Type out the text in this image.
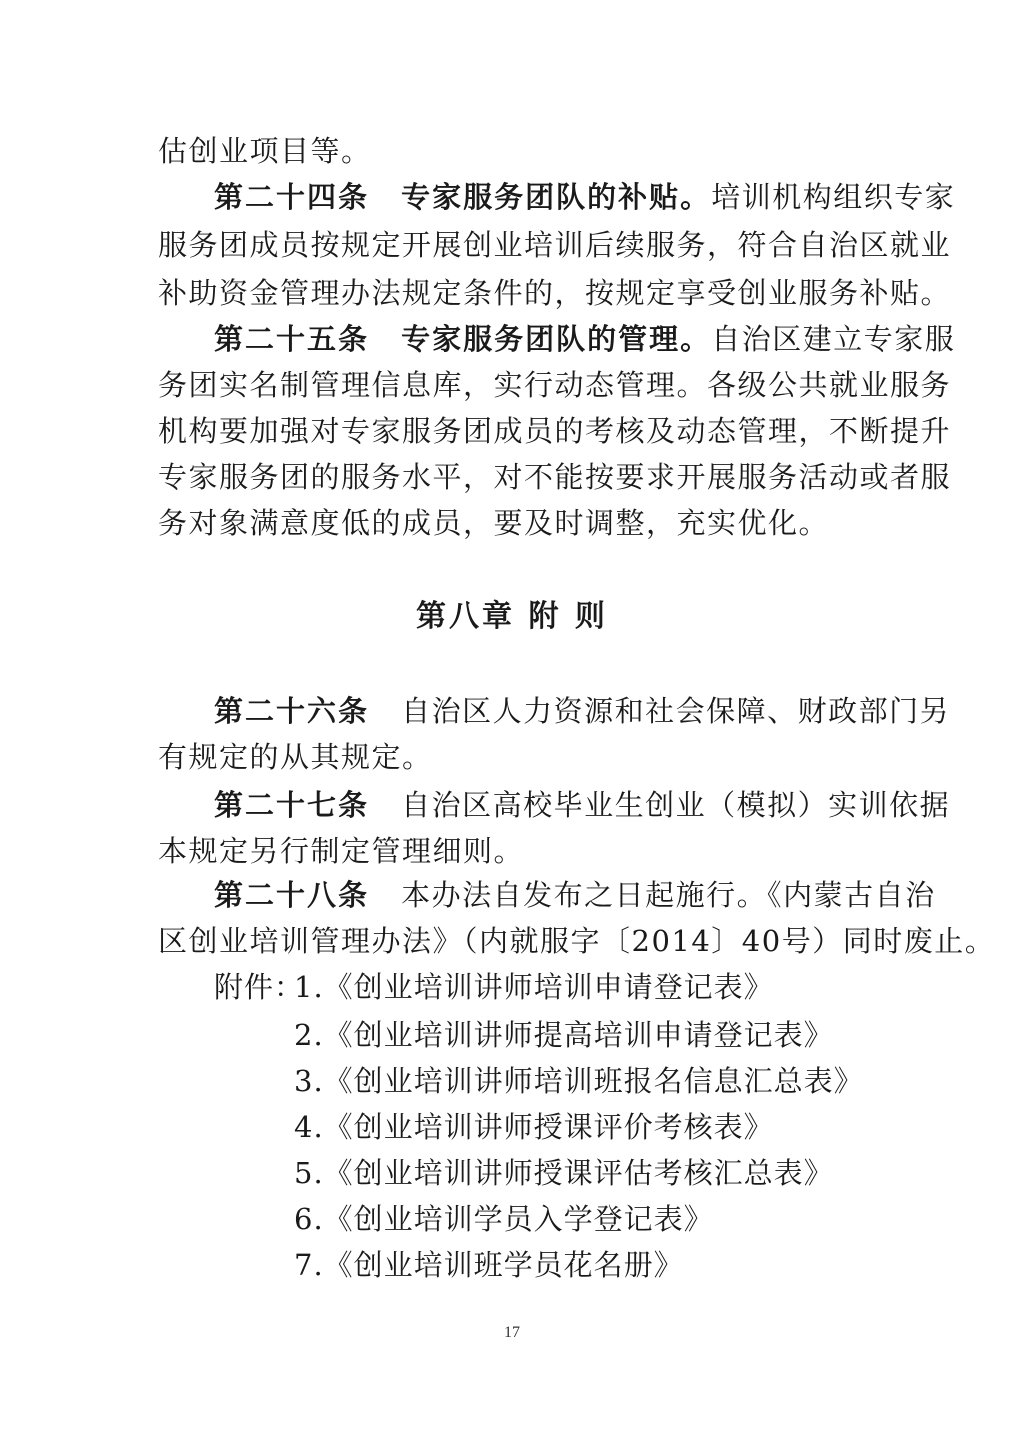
估创业项目等。
第二十四条 专家服务团队的补贴。培训机构组织专家
服务团成员按规定开展创业培训后续服务，符合自治区就业
补助资金管理办法规定条件的，按规定享受创业服务补贴。
第二十五条 专家服务团队的管理。自治区建立专家服
务团实名制管理信息库，实行动态管理。各级公共就业服务
机构要加强对专家服务团成员的考核及动态管理，不断提升
专家服务团的服务水平，对不能按要求开展服务活动或者服
务对象满意度低的成员，要及时调整，充实优化。
第八章 附 则
第二十六条 自治区人力资源和社会保障、财政部门另
有规定的从其规定。
第二十七条 自治区高校毕业生创业（模拟）实训依据
本规定另行制定管理细则。
第二十八条 本办法自发布之日起施行。《内蒙古自治
区创业培训管理办法》（内就服字〔2014〕40号）同时废止。
附件：
1.《创业培训讲师培训申请登记表》
2.《创业培训讲师提高培训申请登记表》
3.《创业培训讲师培训班报名信息汇总表》
4.《创业培训讲师授课评价考核表》
5.《创业培训讲师授课评估考核汇总表》
6.《创业培训学员入学登记表》
7.《创业培训班学员花名册》
17
